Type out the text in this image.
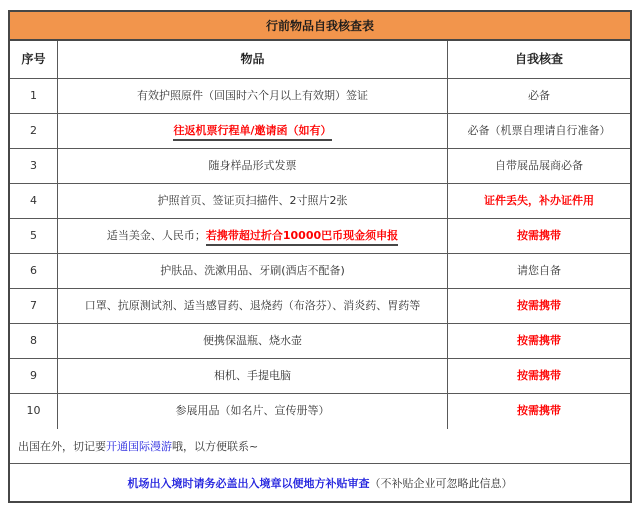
行前物品自我核查表
序号	物品	自我核查
1	有效护照原件（回国时六个月以上有效期）签证	必备
2	往返机票行程单/邀请函（如有）	必备（机票自理请自行准备）
3	随身样品形式发票	自带展品展商必备
4	护照首页、签证页扫描件、2寸照片2张	证件丢失，补办证件用
5	适当美金、人民币；若携带超过折合10000巴币现金须申报	按需携带
6	护肤品、洗漱用品、牙刷(酒店不配备)	请您自备
7	口罩、抗原测试剂、适当感冒药、退烧药（布洛芬）、消炎药、胃药等	按需携带
8	便携保温瓶、烧水壶	按需携带
9	相机、手提电脑	按需携带
10	参展用品（如名片、宣传册等）	按需携带
出国在外，切记要开通国际漫游哦，以方便联系~
机场出入境时请务必盖出入境章以便地方补贴审查（不补贴企业可忽略此信息）
